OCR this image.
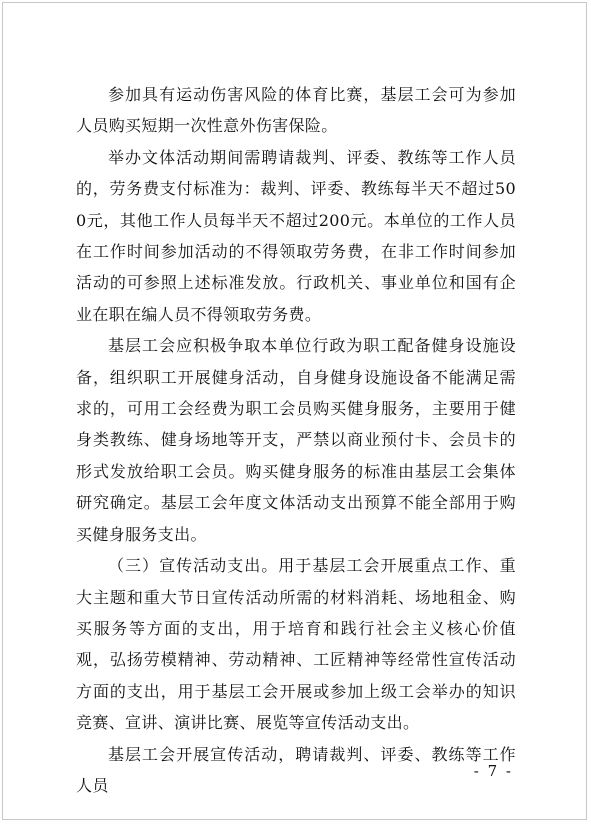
参加具有运动伤害风险的体育比赛，基层工会可为参加人员购买短期一次性意外伤害保险。

举办文体活动期间需聘请裁判、评委、教练等工作人员的，劳务费支付标准为：裁判、评委、教练每半天不超过500元，其他工作人员每半天不超过200元。本单位的工作人员在工作时间参加活动的不得领取劳务费，在非工作时间参加活动的可参照上述标准发放。行政机关、事业单位和国有企业在职在编人员不得领取劳务费。

基层工会应积极争取本单位行政为职工配备健身设施设备，组织职工开展健身活动，自身健身设施设备不能满足需求的，可用工会经费为职工会员购买健身服务，主要用于健身类教练、健身场地等开支，严禁以商业预付卡、会员卡的形式发放给职工会员。购买健身服务的标准由基层工会集体研究确定。基层工会年度文体活动支出预算不能全部用于购买健身服务支出。

（三）宣传活动支出。用于基层工会开展重点工作、重大主题和重大节日宣传活动所需的材料消耗、场地租金、购买服务等方面的支出，用于培育和践行社会主义核心价值观，弘扬劳模精神、劳动精神、工匠精神等经常性宣传活动方面的支出，用于基层工会开展或参加上级工会举办的知识竞赛、宣讲、演讲比赛、展览等宣传活动支出。

基层工会开展宣传活动，聘请裁判、评委、教练等工作人员

- 7 -
